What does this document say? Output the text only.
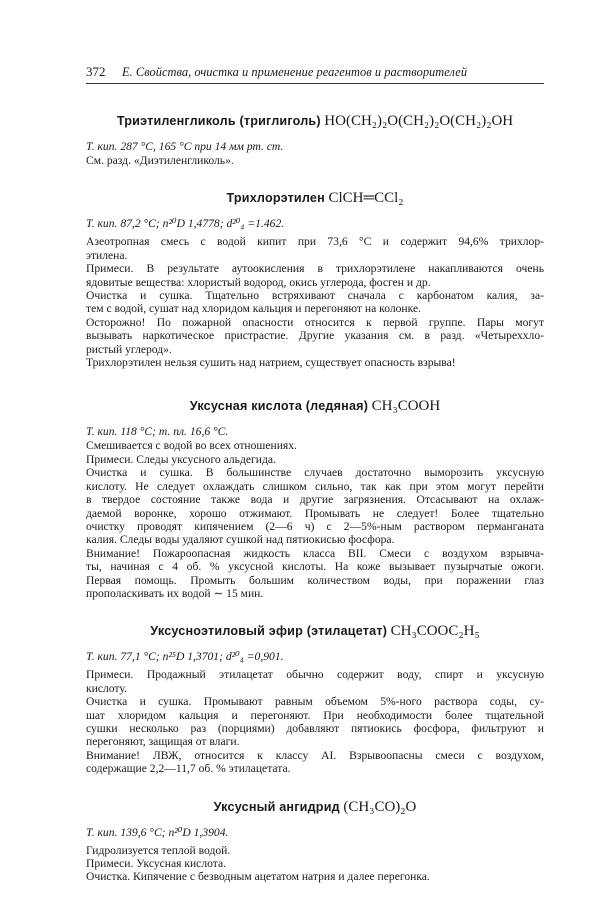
372	Е. Свойства, очистка и применение реагентов и растворителей

Триэтиленгликоль (триглиголь) HO(CH₂)₂O(CH₂)₂O(CH₂)₂OH

Т. кип. 287 °С, 165 °С при 14 мм рт. ст.

См. разд. «Диэтиленгликоль».

Трихлорэтилен ClCH═CCl₂

Т. кип. 87,2 °С; n²⁰D 1,4778; d²⁰₄ =1.462.

Азеотропная смесь с водой кипит при 73,6 °С и содержит 94,6% трихлор-

этилена.

Примеси. В результате аутоокисления в трихлорэтилене накапливаются очень

ядовитые вещества: хлористый водород, окись углерода, фосген и др.

Очистка и сушка. Тщательно встряхивают сначала с карбонатом калия, за-

тем с водой, сушат над хлоридом кальция и перегоняют на колонке.

Осторожно! По пожарной опасности относится к первой группе. Пары могут

вызывать наркотическое пристрастие. Другие указания см. в разд. «Четыреххло-

ристый углерод».

Трихлорэтилен нельзя сушить над натрием, существует опасность взрыва!

Уксусная кислота (ледяная) CH₃COOH

Т. кип. 118 °С; т. пл. 16,6 °С.

Смешивается с водой во всех отношениях.

Примеси. Следы уксусного альдегида.

Очистка и сушка. В большинстве случаев достаточно выморозить уксусную

кислоту. Не следует охлаждать слишком сильно, так как при этом могут перейти

в твердое состояние также вода и другие загрязнения. Отсасывают на охлаж-

даемой воронке, хорошо отжимают. Промывать не следует! Более тщательно

очистку проводят кипячением (2—6 ч) с 2—5%-ным раствором перманганата

калия. Следы воды удаляют сушкой над пятиокисью фосфора.

Внимание! Пожароопасная жидкость класса ВII. Смеси с воздухом взрывча-

ты, начиная с 4 об. % уксусной кислоты. На коже вызывает пузырчатые ожоги.

Первая помощь. Промыть большим количеством воды, при поражении глаз

прополаскивать их водой ∼ 15 мин.

Уксусноэтиловый эфир (этилацетат) CH₃COOC₂H₅

Т. кип. 77,1 °С; n²⁵D 1,3701; d²⁰₄ =0,901.

Примеси. Продажный этилацетат обычно содержит воду, спирт и уксусную

кислоту.

Очистка и сушка. Промывают равным объемом 5%-ного раствора соды, су-

шат хлоридом кальция и перегоняют. При необходимости более тщательной

сушки несколько раз (порциями) добавляют пятиокись фосфора, фильтруют и

перегоняют, защищая от влаги.

Внимание! ЛВЖ, относится к классу АI. Взрывоопасны смеси с воздухом,

содержащие 2,2—11,7 об. % этилацетата.

Уксусный ангидрид (CH₃CO)₂O

Т. кип. 139,6 °С; n²⁰D 1,3904.

Гидролизуется теплой водой.

Примеси. Уксусная кислота.

Очистка. Кипячение с безводным ацетатом натрия и далее перегонка.
